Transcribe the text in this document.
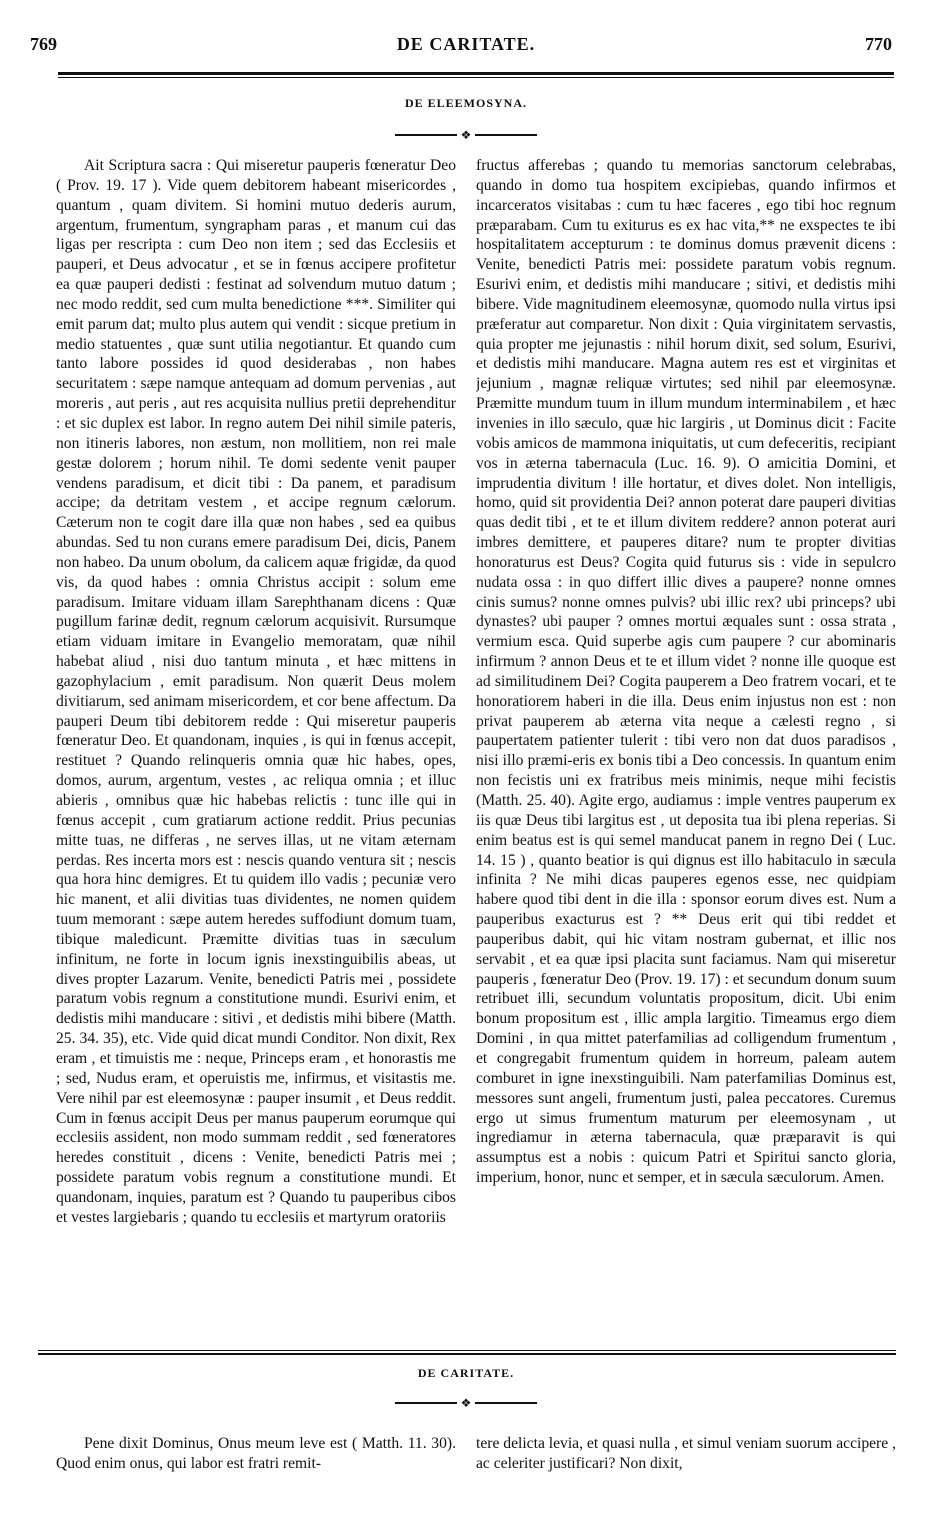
769	DE CARITATE.	770
DE ELEEMOSYNA.
❖

Ait Scriptura sacra : Qui miseretur pauperis fœneratur Deo ( Prov. 19. 17 ). Vide quem debitorem habeant misericordes , quantum , quam divitem. Si homini mutuo dederis aurum, argentum, frumentum, syngrapham paras , et manum cui das ligas per rescripta : cum Deo non item ; sed das Ecclesiis et pauperi, et Deus advocatur , et se in fœnus accipere profitetur ea quæ pauperi dedisti : festinat ad solvendum mutuo datum ; nec modo reddit, sed cum multa benedictione ***. Similiter qui emit parum dat; multo plus autem qui vendit : sicque pretium in medio statuentes , quæ sunt utilia negotiantur. Et quando cum tanto labore possides id quod desiderabas , non habes securitatem : sæpe namque antequam ad domum pervenias , aut moreris , aut peris , aut res acquisita nullius pretii deprehenditur : et sic duplex est labor. In regno autem Dei nihil simile pateris, non itineris labores, non æstum, non mollitiem, non rei male gestæ dolorem ; horum nihil. Te domi sedente venit pauper vendens paradisum, et dicit tibi : Da panem, et paradisum accipe; da detritam vestem , et accipe regnum cælorum. Cæterum non te cogit dare illa quæ non habes , sed ea quibus abundas. Sed tu non curans emere paradisum Dei, dicis, Panem non habeo. Da unum obolum, da calicem aquæ frigidæ, da quod vis, da quod habes : omnia Christus accipit : solum eme paradisum. Imitare viduam illam Sarephthanam dicens : Quæ pugillum farinæ dedit, regnum cælorum acquisivit. Rursumque etiam viduam imitare in Evangelio memoratam, quæ nihil habebat aliud , nisi duo tantum minuta , et hæc mittens in gazophylacium , emit paradisum. Non quærit Deus molem divitiarum, sed animam misericordem, et cor bene affectum. Da pauperi Deum tibi debitorem redde : Qui miseretur pauperis fœneratur Deo. Et quandonam, inquies , is qui in fœnus accepit, restituet ? Quando relinqueris omnia quæ hic habes, opes, domos, aurum, argentum, vestes , ac reliqua omnia ; et illuc abieris , omnibus quæ hic habebas relictis : tunc ille qui in fœnus accepit , cum gratiarum actione reddit. Prius pecunias mitte tuas, ne differas , ne serves illas, ut ne vitam æternam perdas. Res incerta mors est : nescis quando ventura sit ; nescis qua hora hinc demigres. Et tu quidem illo vadis ; pecuniæ vero hic manent, et alii divitias tuas dividentes, ne nomen quidem tuum memorant : sæpe autem heredes suffodiunt domum tuam, tibique maledicunt. Præmitte divitias tuas in sæculum infinitum, ne forte in locum ignis inexstinguibilis abeas, ut dives propter Lazarum. Venite, benedicti Patris mei , possidete paratum vobis regnum a constitutione mundi. Esurivi enim, et dedistis mihi manducare : sitivi , et dedistis mihi bibere (Matth. 25. 34. 35), etc. Vide quid dicat mundi Conditor. Non dixit, Rex eram , et timuistis me : neque, Princeps eram , et honorastis me ; sed, Nudus eram, et operuistis me, infirmus, et visitastis me. Vere nihil par est eleemosynæ : pauper insumit , et Deus reddit. Cum in fœnus accipit Deus per manus pauperum eorumque qui ecclesiis assident, non modo summam reddit , sed fœneratores heredes constituit , dicens : Venite, benedicti Patris mei ; possidete paratum vobis regnum a constitutione mundi. Et quandonam, inquies, paratum est ? Quando tu pauperibus cibos et vestes largiebaris ; quando tu ecclesiis et martyrum oratoriis

fructus afferebas ; quando tu memorias sanctorum celebrabas, quando in domo tua hospitem excipiebas, quando infirmos et incarceratos visitabas : cum tu hæc faceres , ego tibi hoc regnum præparabam. Cum tu exiturus es ex hac vita,** ne exspectes te ibi hospitalitatem accepturum : te dominus domus prævenit dicens : Venite, benedicti Patris mei: possidete paratum vobis regnum. Esurivi enim, et dedistis mihi manducare ; sitivi, et dedistis mihi bibere. Vide magnitudinem eleemosynæ, quomodo nulla virtus ipsi præferatur aut comparetur. Non dixit : Quia virginitatem servastis, quia propter me jejunastis : nihil horum dixit, sed solum, Esurivi, et dedistis mihi manducare. Magna autem res est et virginitas et jejunium , magnæ reliquæ virtutes; sed nihil par eleemosynæ. Præmitte mundum tuum in illum mundum interminabilem , et hæc invenies in illo sæculo, quæ hic largiris , ut Dominus dicit : Facite vobis amicos de mammona iniquitatis, ut cum defeceritis, recipiant vos in æterna tabernacula (Luc. 16. 9). O amicitia Domini, et imprudentia divitum ! ille hortatur, et dives dolet. Non intelligis, homo, quid sit providentia Dei? annon poterat dare pauperi divitias quas dedit tibi , et te et illum divitem reddere? annon poterat auri imbres demittere, et pauperes ditare? num te propter divitias honoraturus est Deus? Cogita quid futurus sis : vide in sepulcro nudata ossa : in quo differt illic dives a paupere? nonne omnes cinis sumus? nonne omnes pulvis? ubi illic rex? ubi princeps? ubi dynastes? ubi pauper ? omnes mortui æquales sunt : ossa strata , vermium esca. Quid superbe agis cum paupere ? cur abominaris infirmum ? annon Deus et te et illum videt ? nonne ille quoque est ad similitudinem Dei? Cogita pauperem a Deo fratrem vocari, et te honoratiorem haberi in die illa. Deus enim injustus non est : non privat pauperem ab æterna vita neque a cælesti regno , si paupertatem patienter tulerit : tibi vero non dat duos paradisos , nisi illo præmi-eris ex bonis tibi a Deo concessis. In quantum enim non fecistis uni ex fratribus meis minimis, neque mihi fecistis (Matth. 25. 40). Agite ergo, audiamus : imple ventres pauperum ex iis quæ Deus tibi largitus est , ut deposita tua ibi plena reperias. Si enim beatus est is qui semel manducat panem in regno Dei ( Luc. 14. 15 ) , quanto beatior is qui dignus est illo habitaculo in sæcula infinita ? Ne mihi dicas pauperes egenos esse, nec quidpiam habere quod tibi dent in die illa : sponsor eorum dives est. Num a pauperibus exacturus est ? ** Deus erit qui tibi reddet et pauperibus dabit, qui hic vitam nostram gubernat, et illic nos servabit , et ea quæ ipsi placita sunt faciamus. Nam qui miseretur pauperis , fœneratur Deo (Prov. 19. 17) : et secundum donum suum retribuet illi, secundum voluntatis propositum, dicit. Ubi enim bonum propositum est , illic ampla largitio. Timeamus ergo diem Domini , in qua mittet paterfamilias ad colligendum frumentum , et congregabit frumentum quidem in horreum, paleam autem comburet in igne inexstinguibili. Nam paterfamilias Dominus est, messores sunt angeli, frumentum justi, palea peccatores. Curemus ergo ut simus frumentum maturum per eleemosynam , ut ingrediamur in æterna tabernacula, quæ præparavit is qui assumptus est a nobis : quicum Patri et Spiritui sancto gloria, imperium, honor, nunc et semper, et in sæcula sæculorum. Amen.

DE CARITATE.
❖

Pene dixit Dominus, Onus meum leve est ( Matth. 11. 30). Quod enim onus, qui labor est fratri remit-

tere delicta levia, et quasi nulla , et simul veniam suorum accipere , ac celeriter justificari? Non dixit,
